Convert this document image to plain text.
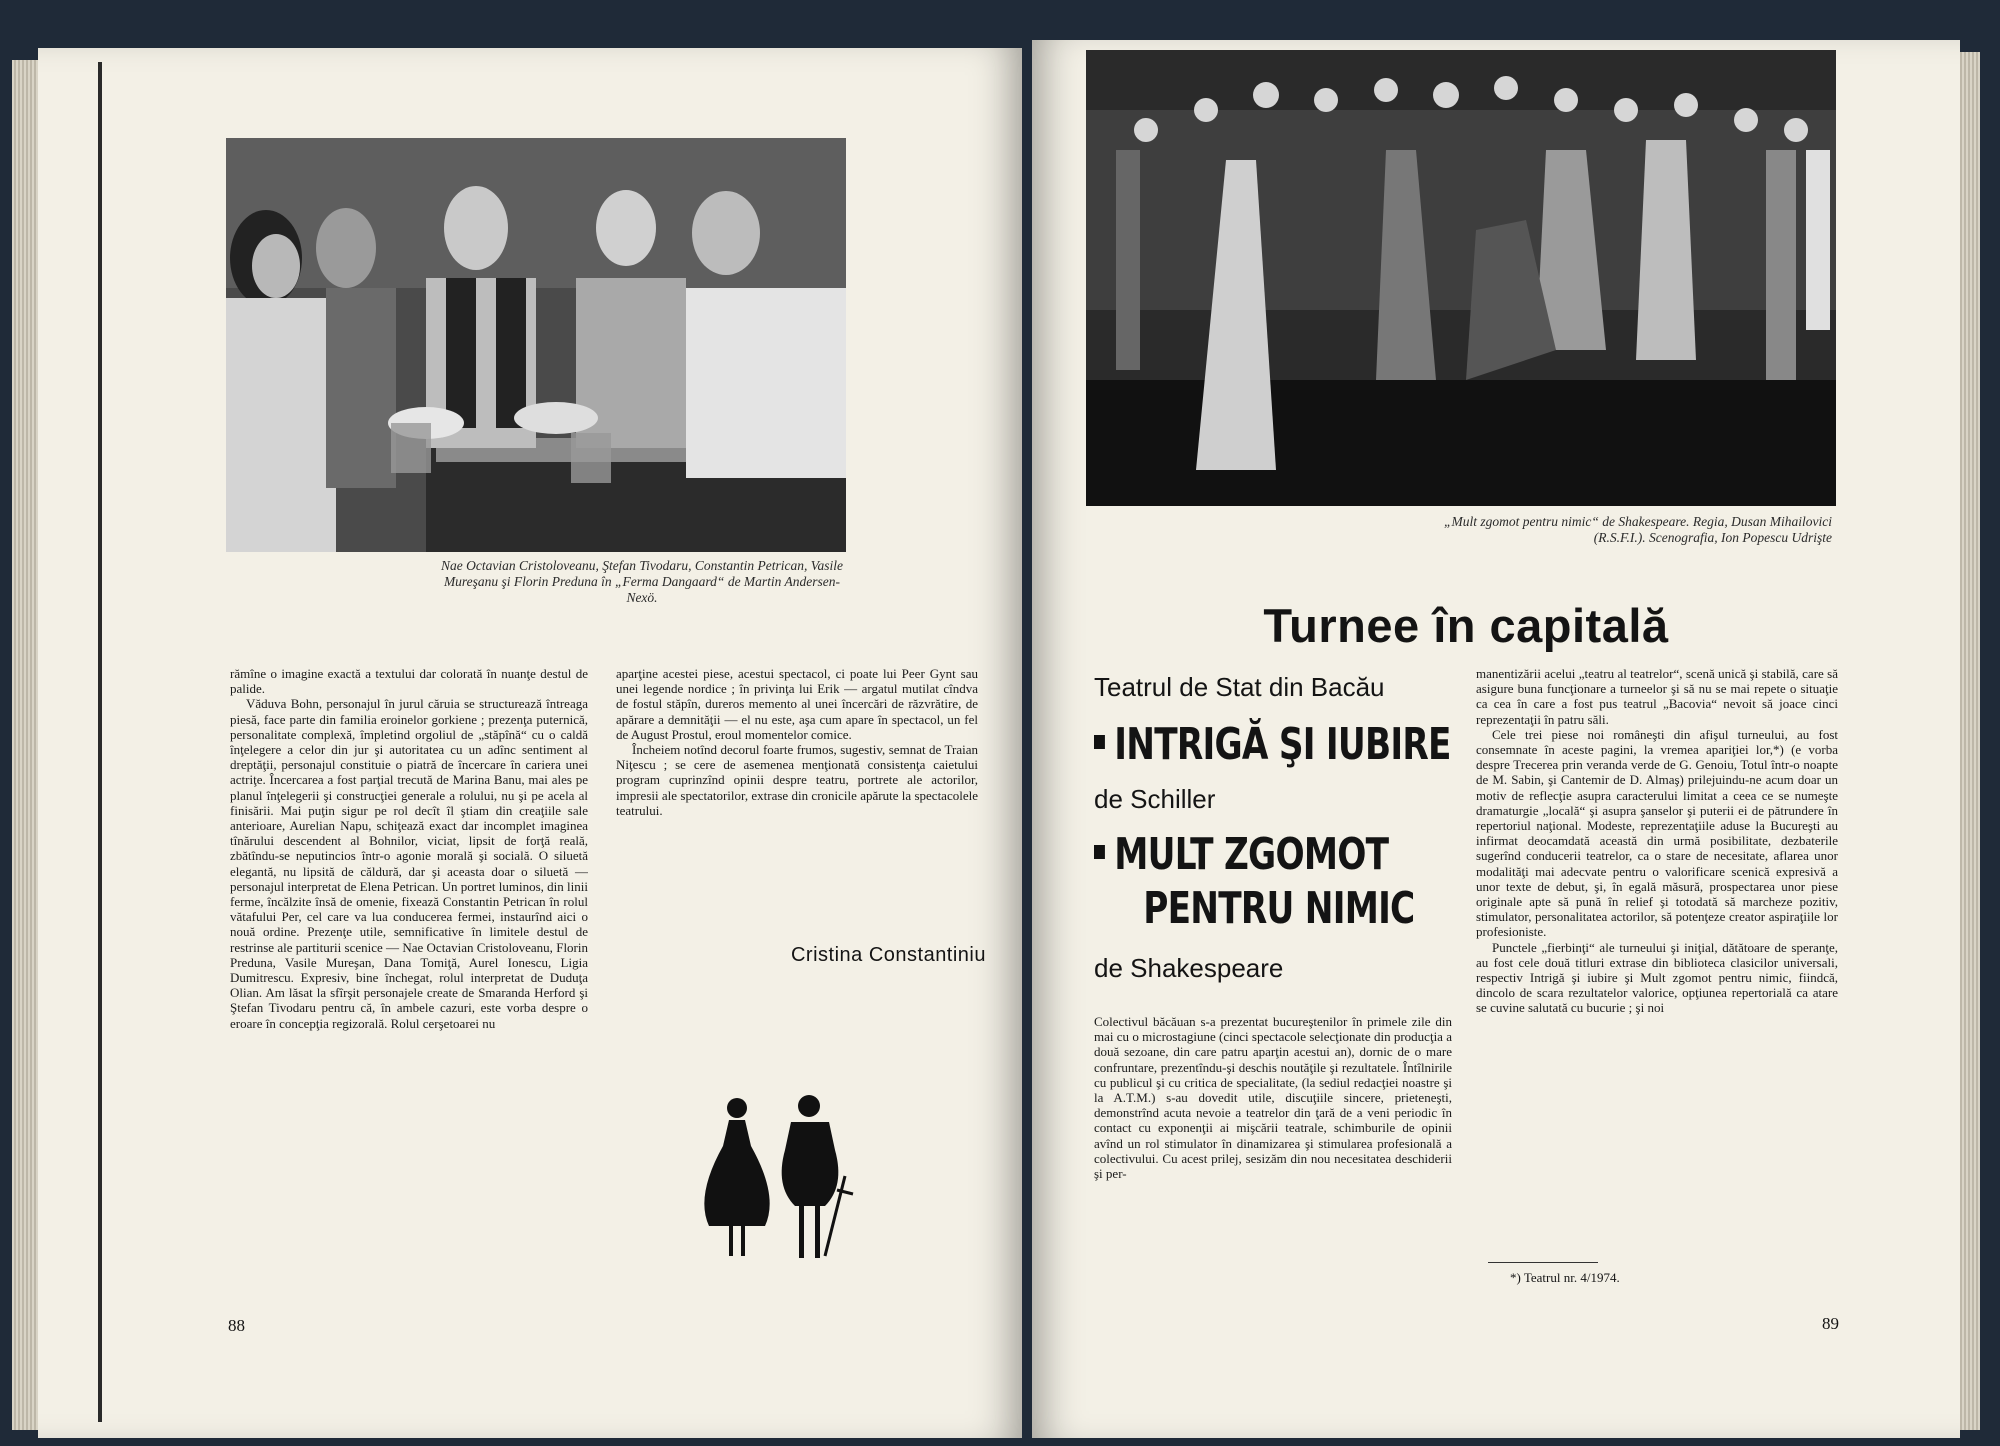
Nae Octavian Cristoloveanu, Ştefan Tivodaru, Constantin Petrican, Vasile Mureşanu şi Florin Preduna în „Ferma Dangaard“ de Martin Andersen-Nexö.

rămîne o imagine exactă a textului dar colorată în nuanţe destul de palide.

Văduva Bohn, personajul în jurul căruia se structurează întreaga piesă, face parte din familia eroinelor gorkiene ; prezenţa puternică, personalitate complexă, împletind orgoliul de „stăpînă“ cu o caldă înţelegere a celor din jur şi autoritatea cu un adînc sentiment al dreptăţii, personajul constituie o piatră de încercare în cariera unei actriţe. Încercarea a fost parţial trecută de Marina Banu, mai ales pe planul înţelegerii şi construcţiei generale a rolului, nu şi pe acela al finisării. Mai puţin sigur pe rol decît îl ştiam din creaţiile sale anterioare, Aurelian Napu, schiţează exact dar incomplet imaginea tînărului descendent al Bohnilor, viciat, lipsit de forţă reală, zbătîndu-se neputincios într-o agonie morală şi socială. O siluetă elegantă, nu lipsită de căldură, dar şi aceasta doar o siluetă — personajul interpretat de Elena Petrican. Un portret luminos, din linii ferme, încălzite însă de omenie, fixează Constantin Petrican în rolul vătafului Per, cel care va lua conducerea fermei, instaurînd aici o nouă ordine. Prezenţe utile, semnificative în limitele destul de restrinse ale partiturii scenice — Nae Octavian Cristoloveanu, Florin Preduna, Vasile Mureşan, Dana Tomiţă, Aurel Ionescu, Ligia Dumitrescu. Expresiv, bine închegat, rolul interpretat de Duduţa Olian. Am lăsat la sfîrşit personajele create de Smaranda Herford şi Ştefan Tivodaru pentru că, în ambele cazuri, este vorba despre o eroare în concepţia regizorală. Rolul cerşetoarei nu

aparţine acestei piese, acestui spectacol, ci poate lui Peer Gynt sau unei legende nordice ; în privinţa lui Erik — argatul mutilat cîndva de fostul stăpîn, dureros memento al unei încercări de răzvrătire, de apărare a demnităţii — el nu este, aşa cum apare în spectacol, un fel de August Prostul, eroul momentelor comice.

Încheiem notînd decorul foarte frumos, sugestiv, semnat de Traian Niţescu ; se cere de asemenea menţionată consistenţa caietului program cuprinzînd opinii despre teatru, portrete ale actorilor, impresii ale spectatorilor, extrase din cronicile apărute la spectacolele teatrului.

Cristina Constantiniu
88
„Mult zgomot pentru nimic“ de Shakespeare. Regia, Dusan Mihailovici (R.S.F.I.). Scenografia, Ion Popescu Udrişte
Turnee în capitală
Teatrul de Stat din Bacău
INTRIGĂ ŞI IUBIRE
de Schiller
MULT ZGOMOT
PENTRU NIMIC
de Shakespeare

Colectivul băcăuan s-a prezentat bucureştenilor în primele zile din mai cu o microstagiune (cinci spectacole selecţionate din producţia a două sezoane, din care patru aparţin acestui an), dornic de o mare confruntare, prezentîndu-şi deschis noutăţile şi rezultatele. Întîlnirile cu publicul şi cu critica de specialitate, (la sediul redacţiei noastre şi la A.T.M.) s-au dovedit utile, discuţiile sincere, prieteneşti, demonstrînd acuta nevoie a teatrelor din ţară de a veni periodic în contact cu exponenţii ai mişcării teatrale, schimburile de opinii avînd un rol stimulator în dinamizarea şi stimularea profesională a colectivului. Cu acest prilej, sesizăm din nou necesitatea deschiderii şi per-

manentizării acelui „teatru al teatrelor“, scenă unică şi stabilă, care să asigure buna funcţionare a turneelor şi să nu se mai repete o situaţie ca cea în care a fost pus teatrul „Bacovia“ nevoit să joace cinci reprezentaţii în patru săli.

Cele trei piese noi româneşti din afişul turneului, au fost consemnate în aceste pagini, la vremea apariţiei lor,*) (e vorba despre Trecerea prin veranda verde de G. Genoiu, Totul într-o noapte de M. Sabin, şi Cantemir de D. Almaş) prilejuindu-ne acum doar un motiv de reflecţie asupra caracterului limitat a ceea ce se numeşte dramaturgie „locală“ şi asupra şanselor şi puterii ei de pătrundere în repertoriul naţional. Modeste, reprezentaţiile aduse la Bucureşti au infirmat deocamdată această din urmă posibilitate, dezbaterile sugerînd conducerii teatrelor, ca o stare de necesitate, aflarea unor modalităţi mai adecvate pentru o valorificare scenică expresivă a unor texte de debut, şi, în egală măsură, prospectarea unor piese originale apte să pună în relief şi totodată să marcheze pozitiv, stimulator, personalitatea actorilor, să potenţeze creator aspiraţiile lor profesioniste.

Punctele „fierbinţi“ ale turneului şi iniţial, dătătoare de speranţe, au fost cele două titluri extrase din biblioteca clasicilor universali, respectiv Intrigă şi iubire şi Mult zgomot pentru nimic, fiindcă, dincolo de scara rezultatelor valorice, opţiunea repertorială ca atare se cuvine salutată cu bucurie ; şi noi

*) Teatrul nr. 4/1974.
89
